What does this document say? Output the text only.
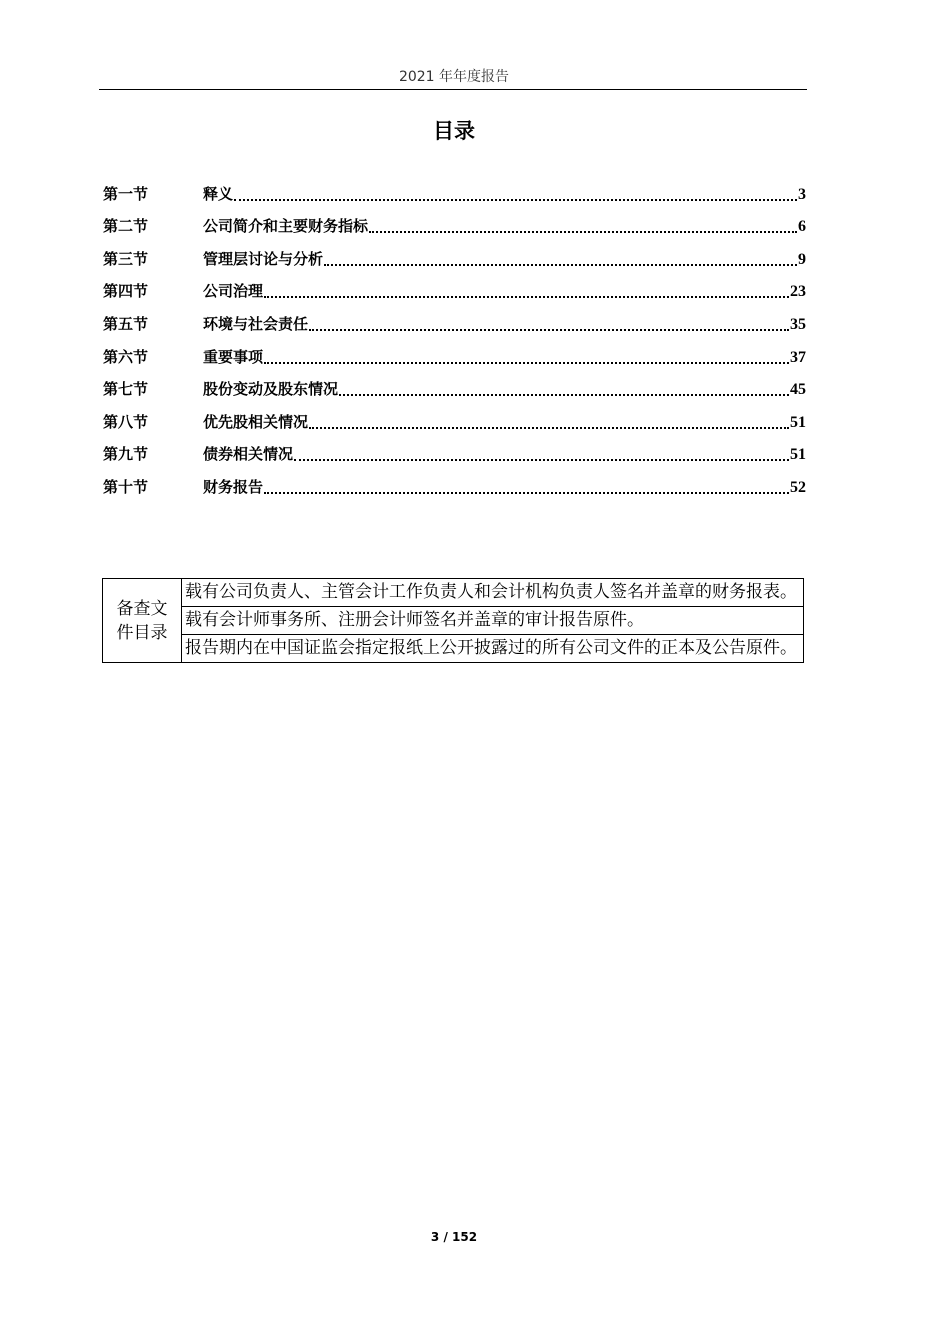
2021 年年度报告
目录
第一节	释义	3
第二节	公司简介和主要财务指标	6
第三节	管理层讨论与分析	9
第四节	公司治理	23
第五节	环境与社会责任	35
第六节	重要事项	37
第七节	股份变动及股东情况	45
第八节	优先股相关情况	51
第九节	债券相关情况	51
第十节	财务报告	52
备查文
件目录
	载有公司负责人、主管会计工作负责人和会计机构负责人签名并盖章的财务报表。
载有会计师事务所、注册会计师签名并盖章的审计报告原件。
报告期内在中国证监会指定报纸上公开披露过的所有公司文件的正本及公告原件。
3 / 152
